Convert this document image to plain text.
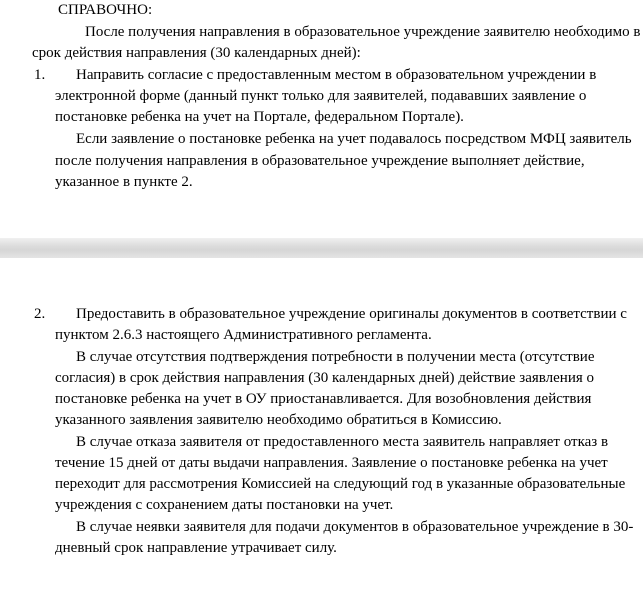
СПРАВОЧНО:
После получения направления в образовательное учреждение заявителю необходимо в
срок действия направления (30 календарных дней):
1. Направить согласие с предоставленным местом в образовательном учреждении в
электронной форме (данный пункт только для заявителей, подававших заявление о
постановке ребенка на учет на Портале, федеральном Портале).
Если заявление о постановке ребенка на учет подавалось посредством МФЦ заявитель
после получения направления в образовательное учреждение выполняет действие,
указанное в пункте 2.
2. Предоставить в образовательное учреждение оригиналы документов в соответствии с
пунктом 2.6.3 настоящего Административного регламента.
В случае отсутствия подтверждения потребности в получении места (отсутствие
согласия) в срок действия направления (30 календарных дней) действие заявления о
постановке ребенка на учет в ОУ приостанавливается. Для возобновления действия
указанного заявления заявителю необходимо обратиться в Комиссию.
В случае отказа заявителя от предоставленного места заявитель направляет отказ в
течение 15 дней от даты выдачи направления. Заявление о постановке ребенка на учет
переходит для рассмотрения Комиссией на следующий год в указанные образовательные
учреждения с сохранением даты постановки на учет.
В случае неявки заявителя для подачи документов в образовательное учреждение в 30-
дневный срок направление утрачивает силу.
